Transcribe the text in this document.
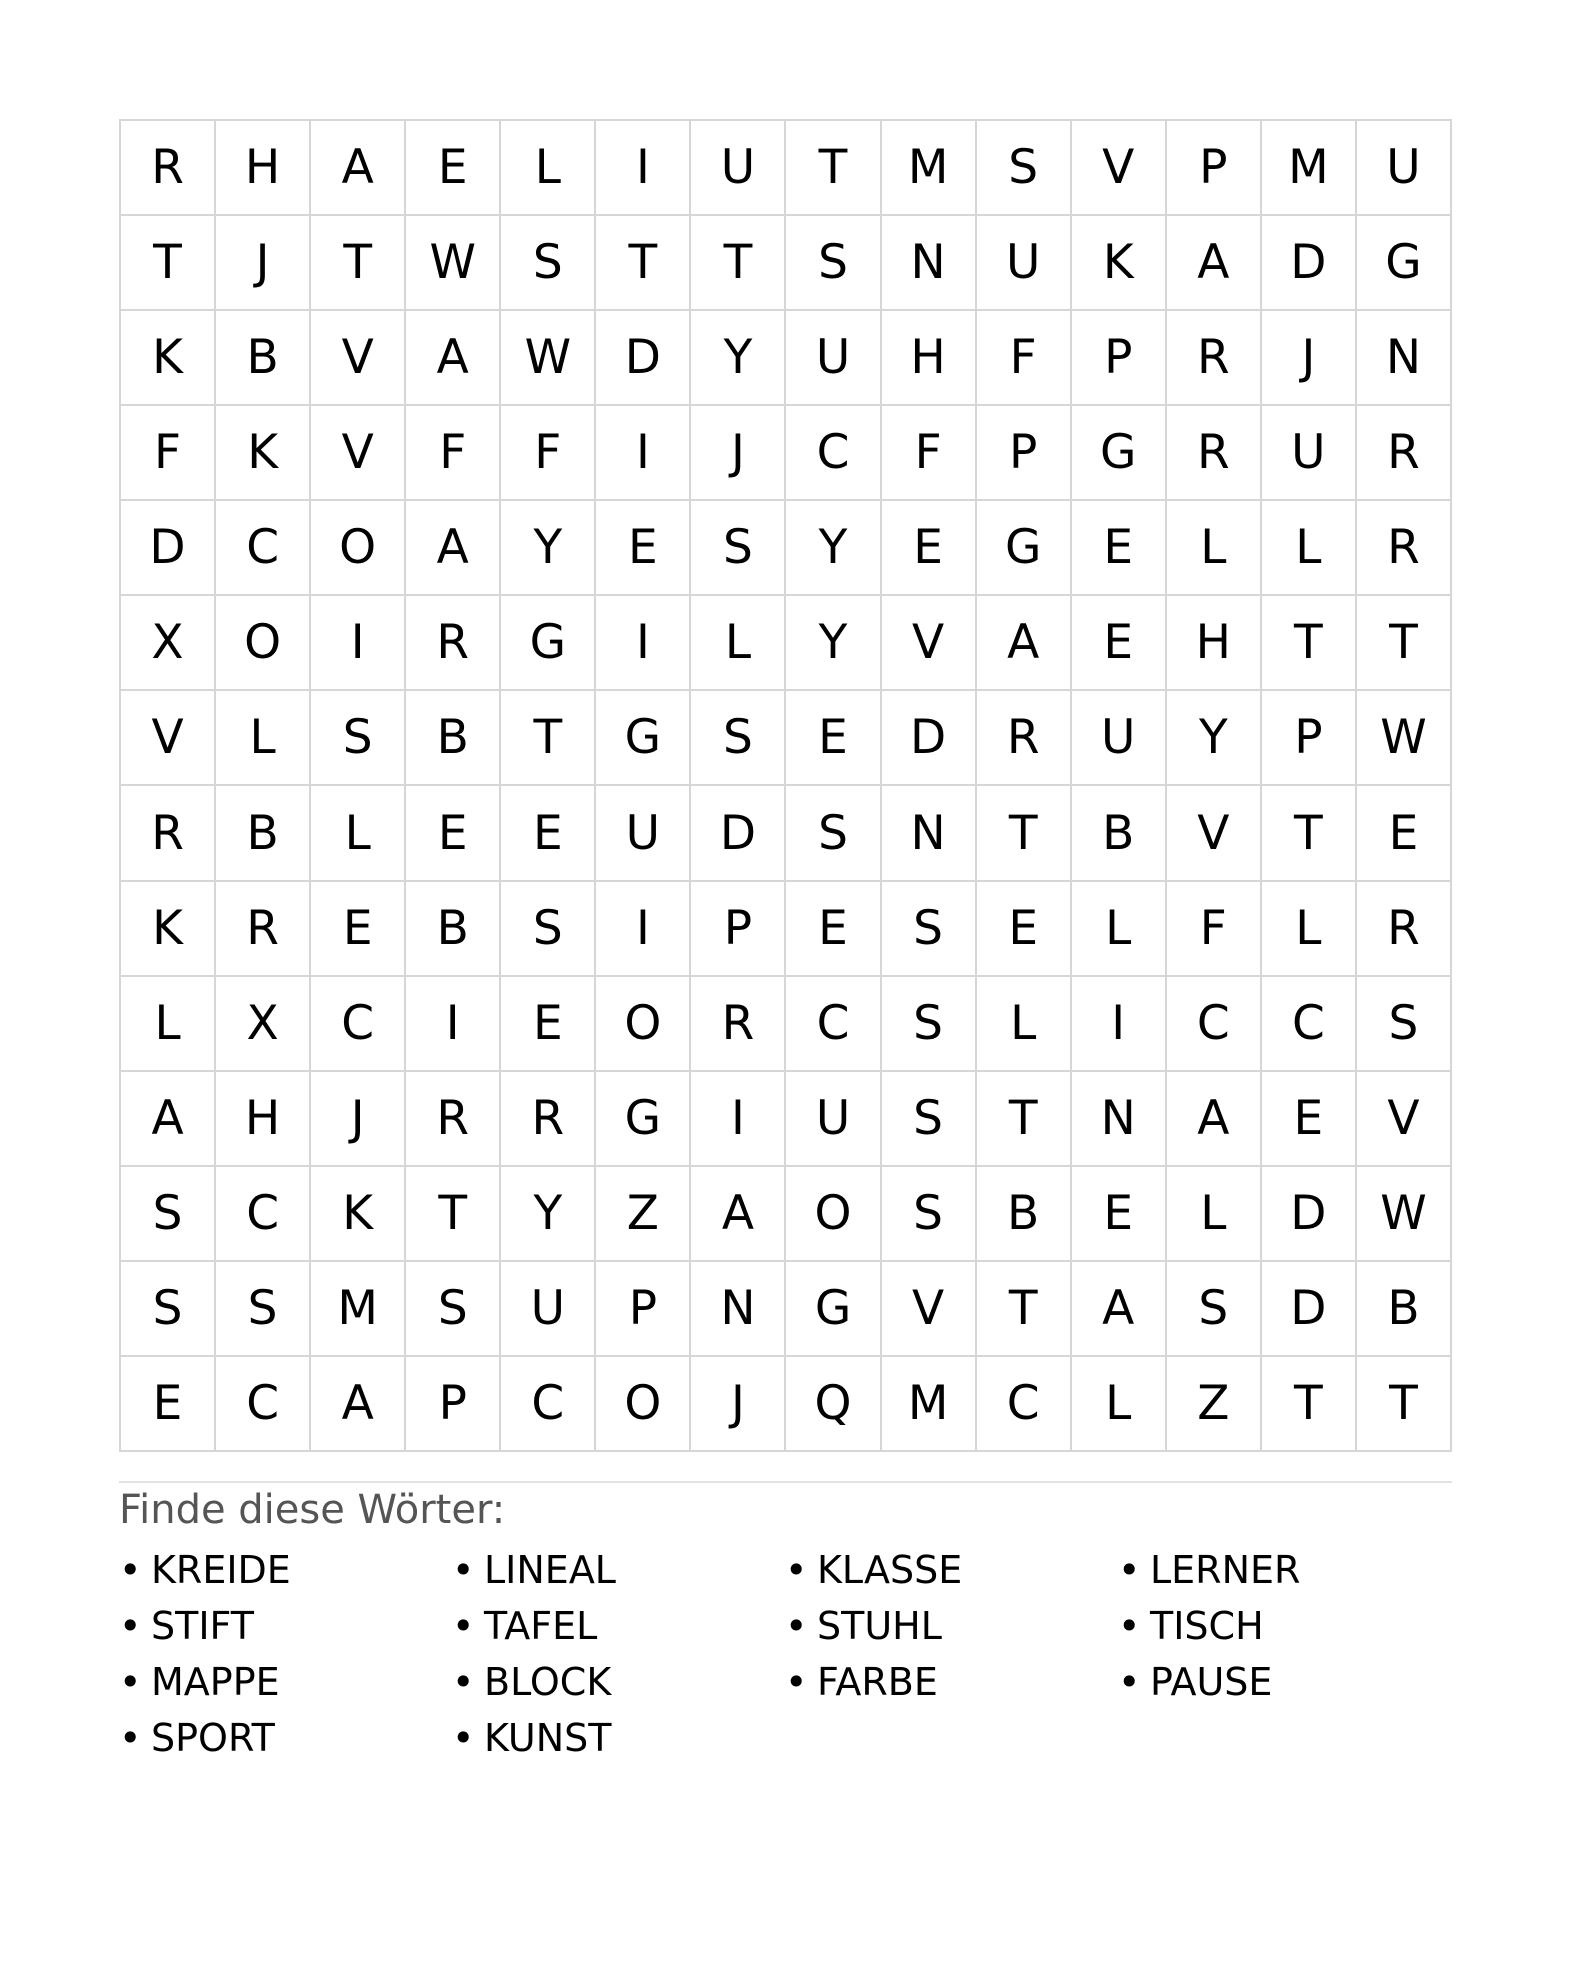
R	H	A	E	L	I	U	T	M	S	V	P	M	U
T	J	T	W	S	T	T	S	N	U	K	A	D	G
K	B	V	A	W	D	Y	U	H	F	P	R	J	N
F	K	V	F	F	I	J	C	F	P	G	R	U	R
D	C	O	A	Y	E	S	Y	E	G	E	L	L	R
X	O	I	R	G	I	L	Y	V	A	E	H	T	T
V	L	S	B	T	G	S	E	D	R	U	Y	P	W
R	B	L	E	E	U	D	S	N	T	B	V	T	E
K	R	E	B	S	I	P	E	S	E	L	F	L	R
L	X	C	I	E	O	R	C	S	L	I	C	C	S
A	H	J	R	R	G	I	U	S	T	N	A	E	V
S	C	K	T	Y	Z	A	O	S	B	E	L	D	W
S	S	M	S	U	P	N	G	V	T	A	S	D	B
E	C	A	P	C	O	J	Q	M	C	L	Z	T	T
Finde diese Wörter:
• KREIDE	• LINEAL	• KLASSE	• LERNER
• STIFT	• TAFEL	• STUHL	• TISCH
• MAPPE	• BLOCK	• FARBE	• PAUSE
• SPORT	• KUNST
